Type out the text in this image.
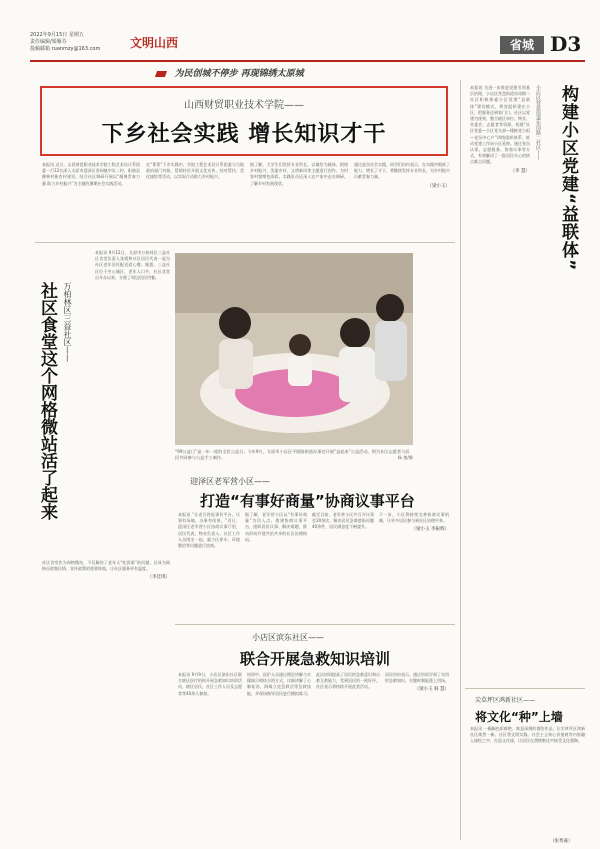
2022年9月15日 星期五
责任编辑/梁雁芬
投稿邮箱 ruanmzy@163.com 文明山西	省城 D3
为民创城不停步 再现锦绣太原城
山西财贸职业技术学院——
下乡社会实践 增长知识才干
本报讯 近日，山西财贸职业技术学院工程艺术设计系团委一行12名深入太原市迎泽区晋祠镇中贝二村、阳曲县柳林村新农村建设，结合社区调研开展以“凝聚青春力量 助力乡村振兴”为主题的暑期社会实践活动。
在“菁菁”下乡实践中，学院工程艺术设计系团委与当地政府部门对接，帮助村民开展文化宣传、结对帮扶、美化墙绘等活动，以实际行动助力乡村振兴。
据了解，大学生们发挥专业所长，以墙绘为载体，围绕乡村振兴、美丽乡村、文明新风等主题进行创作，为村容村貌增色添彩。实践队员还深入农户家中走访调研，了解乡村发展现状。
通过此次社会实践，同学们纷纷表示，在实践中锻炼了能力、增长了才干，将继续发挥专业所长，为乡村振兴贡献青春力量。
（梁小玉）
万柏林区三益社区——
社区食堂这个网格微站活了起来
本报讯 9月12日，太原市万柏林区三益社区食堂负责人张霞和社区居民代表一起为社区老年居民配送爱心餐。据悉，三益社区位于中心城区，老年人口多，社区食堂自开办以来，方便了周边居民用餐。
社区食堂作为网格微站，不仅解决了老年人“吃饭难”的问题，还成为网格员收集民情、宣传政策的重要阵地，让社区服务更有温度。
（李佳琪）
“99公益日”是一年一度的全民公益日。今年9月，太原市小店区平阳路街道办事处开展“益起来”公益活动。图为社区志愿者与居民共同参与公益手工制作。	杨 艳/摄
迎泽区老军营小区——
打造“有事好商量”协商议事平台
本报讯 “让老百姓说事有平台，议事有场地，办事有结果。”近日，迎泽区老军营小区协商议事厅里，居民代表、物业负责人、社区工作人员围坐一起，就小区停车、环境整治等问题进行协商。
据了解，老军营小区以“有事好商量”为切入点，搭建协商议事平台，组织居民议事、解决难题，推动形成共建共治共享的社区治理格局。
截至目前，老军营小区共召开议事会20余次，解决居民急难愁盼问题40余件，居民满意度不断提升。
下一步，小区将持续完善协商议事机制，让更多居民参与到社区治理中来。
（梁小玉 李振辉）
小店区滨东社区——
联合开展急救知识培训
本报讯 9月9日，小店区滨东社区联合辖区医疗机构开展急救知识培训活动，辖区居民、社区工作人员及志愿者等40余人参加。
培训中，医护人员通过理论讲解与实操演示相结合的方式，详细讲解了心肺复苏、海姆立克急救法等急救技能，并现场指导居民进行模拟练习。
此次培训提高了居民的急救意识和自救互救能力，受到居民的一致好评。社区表示将持续开展此类活动。
居民纷纷表示，通过培训学到了实用的急救知识，关键时刻能派上用场。
（梁小玉 韩 慧）
小店区营盘街道东岗路二社区—— 构建小区党建“益联体”
本报讯 为进一步推进党建引领基层治理，小店区营盘街道东岗路二社区积极探索小区党建“益联体”建设模式，将党组织建在小区，把服务送到家门口。社区以党建为统领，整合辖区单位、物业、业委会、志愿者等资源，构建“社区党委—小区党支部—楼栋党小组—党员中心户”四级组织体系，推动党建工作向小区延伸。通过党员认领、志愿服务、协商议事等方式，有效解决了一批居民关心的热点难点问题。
（李 慧）
尖草坪区鸿新社区——
将文化“种”上墙
本报讯 一幅幅色彩鲜艳、寓意深刻的墙绘作品，让尖草坪区鸿新社区焕然一新。社区将文明实践、社会主义核心价值观等内容融入墙绘之中，打造文化墙，让居民在潜移默化中接受文化熏陶。
（张秀嘉）
